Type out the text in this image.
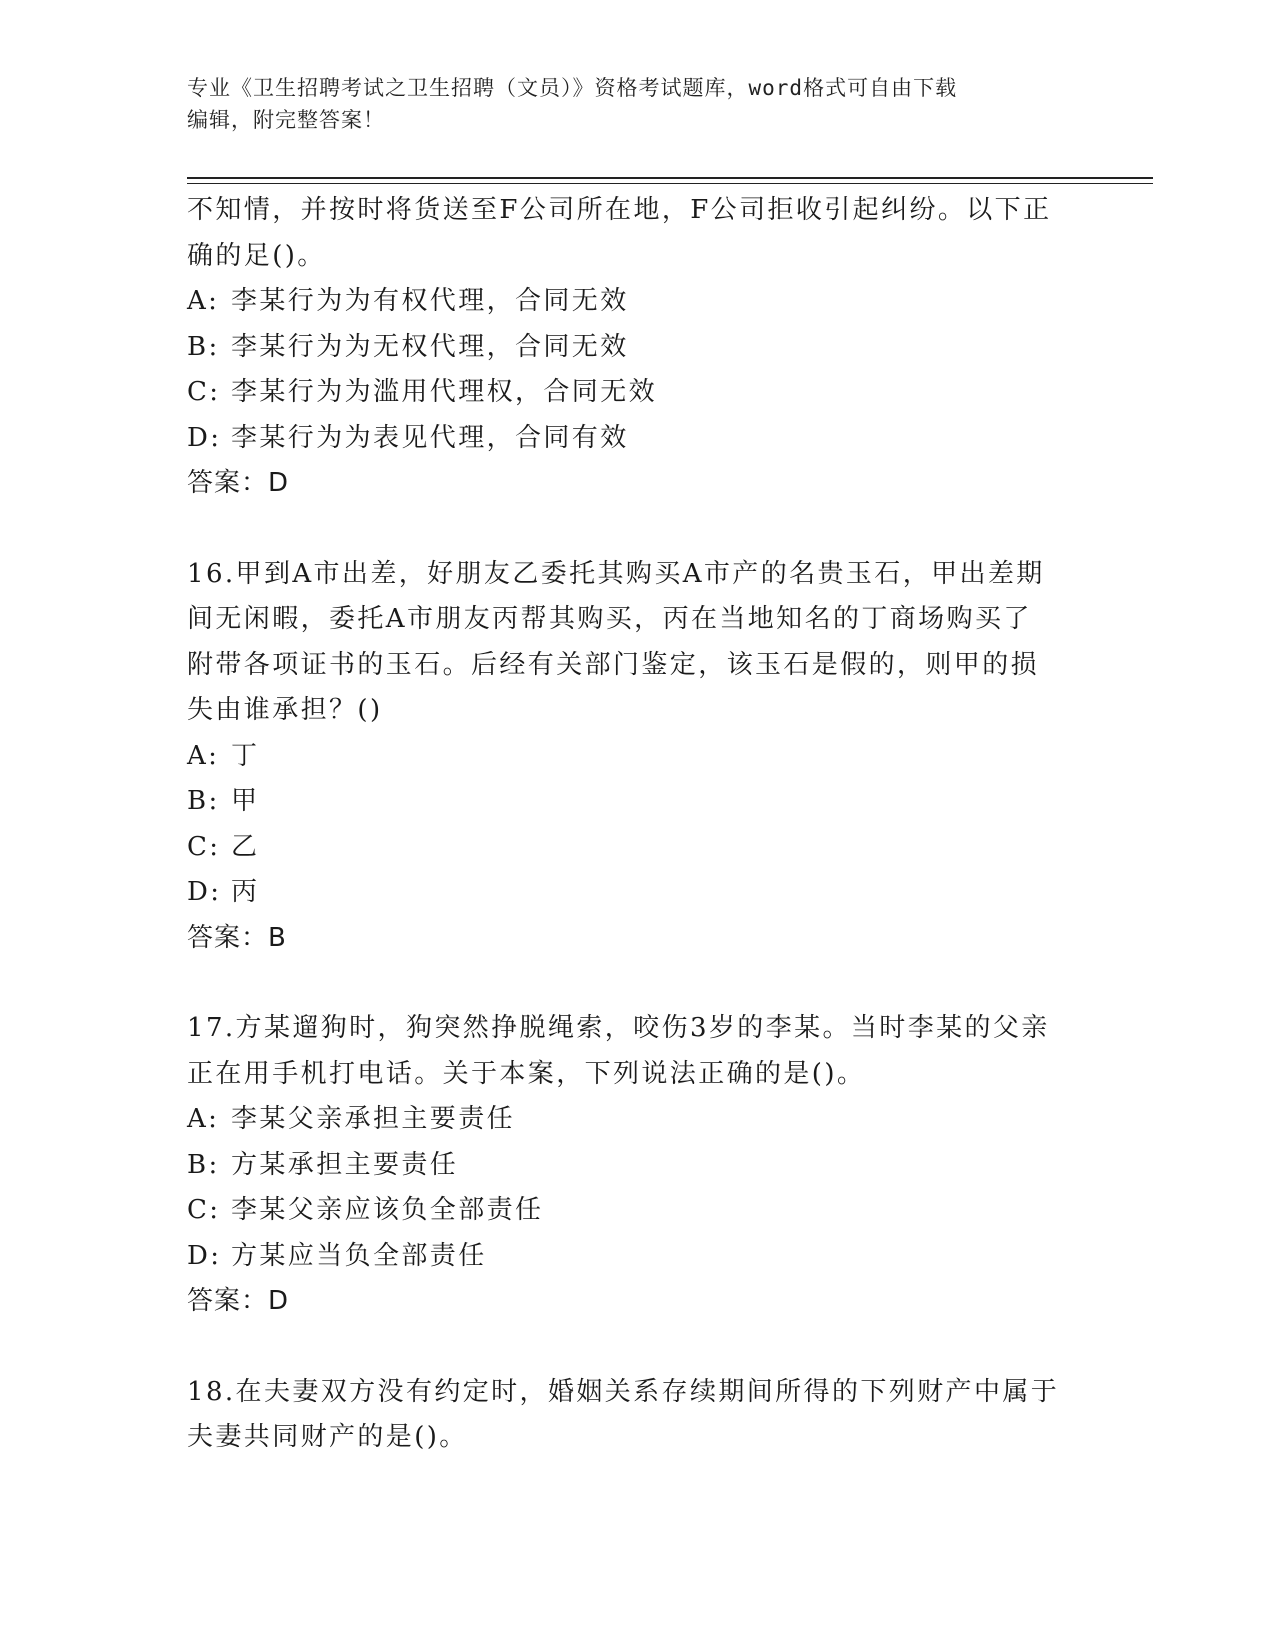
专业《卫生招聘考试之卫生招聘（文员）》资格考试题库，word格式可自由下载
编辑，附完整答案！

不知情，并按时将货送至F公司所在地，F公司拒收引起纠纷。以下正

确的足()。

A: 李某行为为有权代理，合同无效
B: 李某行为为无权代理，合同无效
C: 李某行为为滥用代理权，合同无效
D: 李某行为为表见代理，合同有效

答案：D

16.甲到A市出差，好朋友乙委托其购买A市产的名贵玉石，甲出差期

间无闲暇，委托A市朋友丙帮其购买，丙在当地知名的丁商场购买了

附带各项证书的玉石。后经有关部门鉴定，该玉石是假的，则甲的损

失由谁承担？()

A: 丁
B: 甲
C: 乙
D: 丙

答案：B

17.方某遛狗时，狗突然挣脱绳索，咬伤3岁的李某。当时李某的父亲

正在用手机打电话。关于本案，下列说法正确的是()。

A: 李某父亲承担主要责任
B: 方某承担主要责任
C: 李某父亲应该负全部责任
D: 方某应当负全部责任

答案：D

18.在夫妻双方没有约定时，婚姻关系存续期间所得的下列财产中属于

夫妻共同财产的是()。
